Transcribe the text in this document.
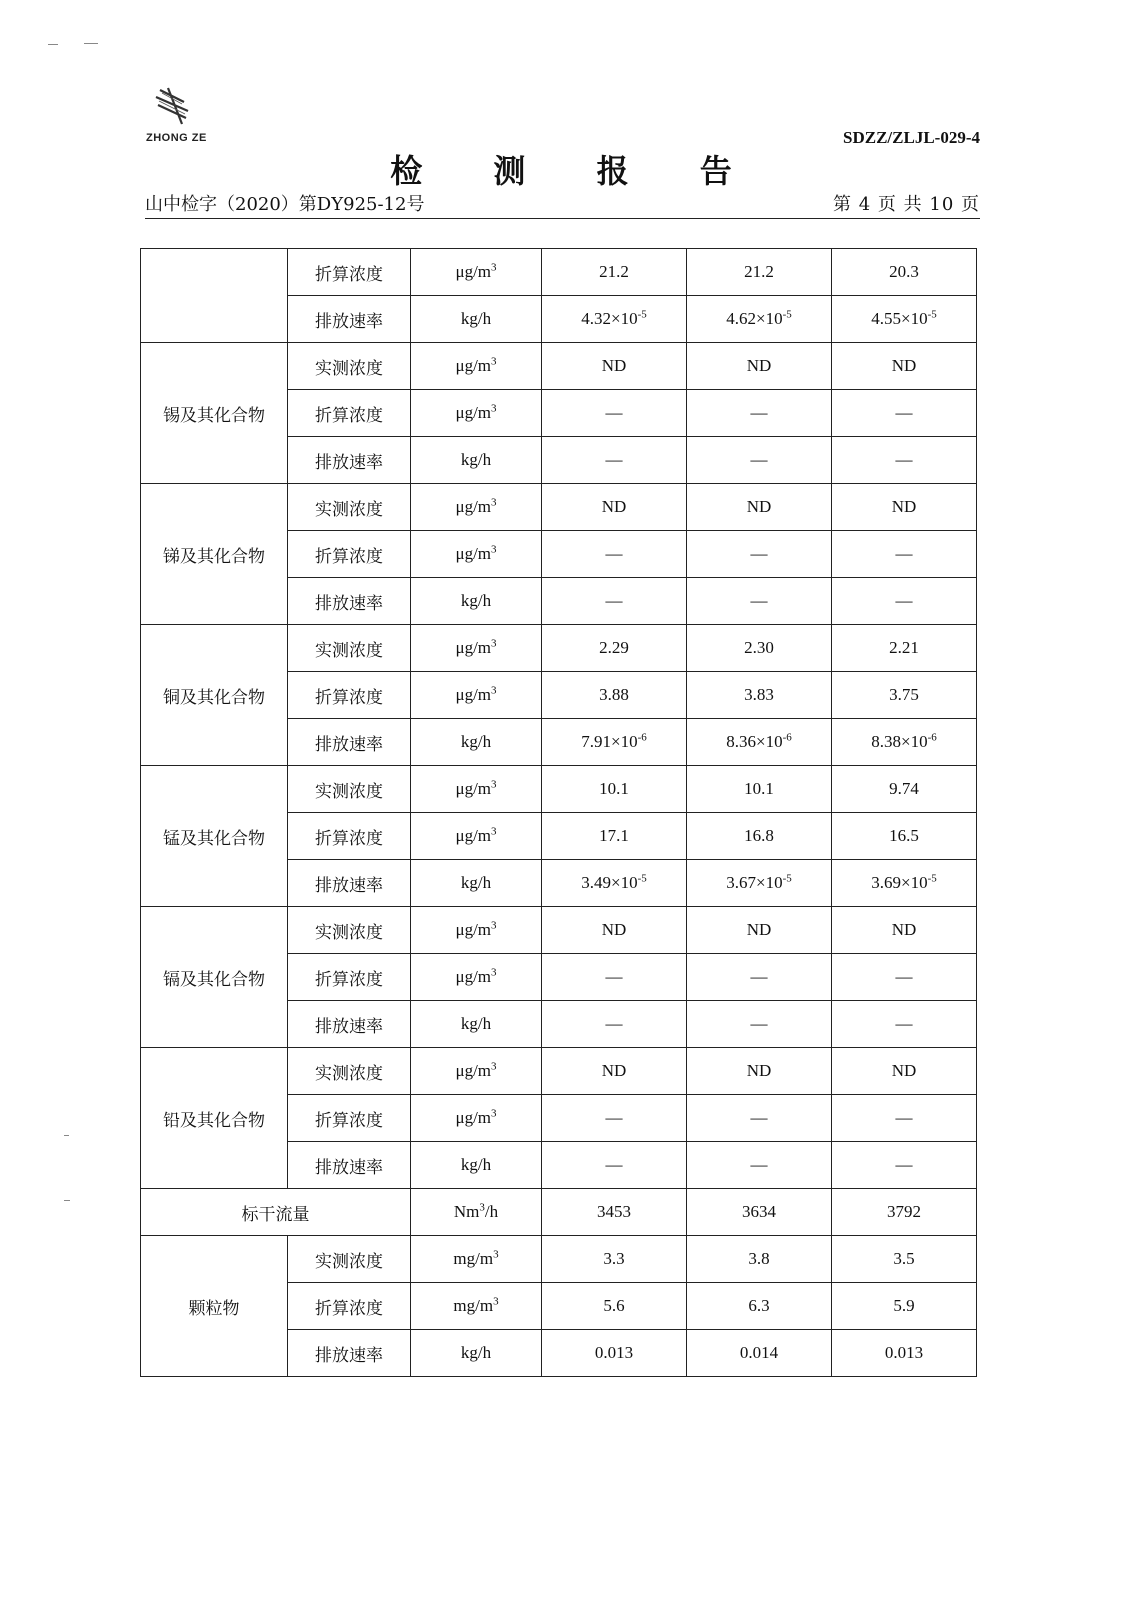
ZHONG ZE	SDZZ/ZLJL-029-4
检 测 报 告
山中检字（2020）第DY925-12号	第 4 页 共 10 页
	折算浓度	$\mu g/m^3$	21.2	21.2	20.3
	排放速率	kg/h	$4.32\times 10^{-5}$	$4.62\times 10^{-5}$	$4.55\times 10^{-5}$
锡及其化合物	实测浓度	$\mu g/m^3$	ND	ND	ND
	折算浓度	$\mu g/m^3$	—	—	—
	排放速率	kg/h	—	—	—
锑及其化合物	实测浓度	$\mu g/m^3$	ND	ND	ND
	折算浓度	$\mu g/m^3$	—	—	—
	排放速率	kg/h	—	—	—
铜及其化合物	实测浓度	$\mu g/m^3$	2.29	2.30	2.21
	折算浓度	$\mu g/m^3$	3.88	3.83	3.75
	排放速率	kg/h	$7.91\times 10^{-6}$	$8.36\times 10^{-6}$	$8.38\times 10^{-6}$
锰及其化合物	实测浓度	$\mu g/m^3$	10.1	10.1	9.74
	折算浓度	$\mu g/m^3$	17.1	16.8	16.5
	排放速率	kg/h	$3.49\times 10^{-5}$	$3.67\times 10^{-5}$	$3.69\times 10^{-5}$
镉及其化合物	实测浓度	$\mu g/m^3$	ND	ND	ND
	折算浓度	$\mu g/m^3$	—	—	—
	排放速率	kg/h	—	—	—
铅及其化合物	实测浓度	$\mu g/m^3$	ND	ND	ND
	折算浓度	$\mu g/m^3$	—	—	—
	排放速率	kg/h	—	—	—
标干流量		Nm$^3$/h	3453	3634	3792
颗粒物	实测浓度	$mg/m^3$	3.3	3.8	3.5
	折算浓度	$mg/m^3$	5.6	6.3	5.9
	排放速率	kg/h	0.013	0.014	0.013
